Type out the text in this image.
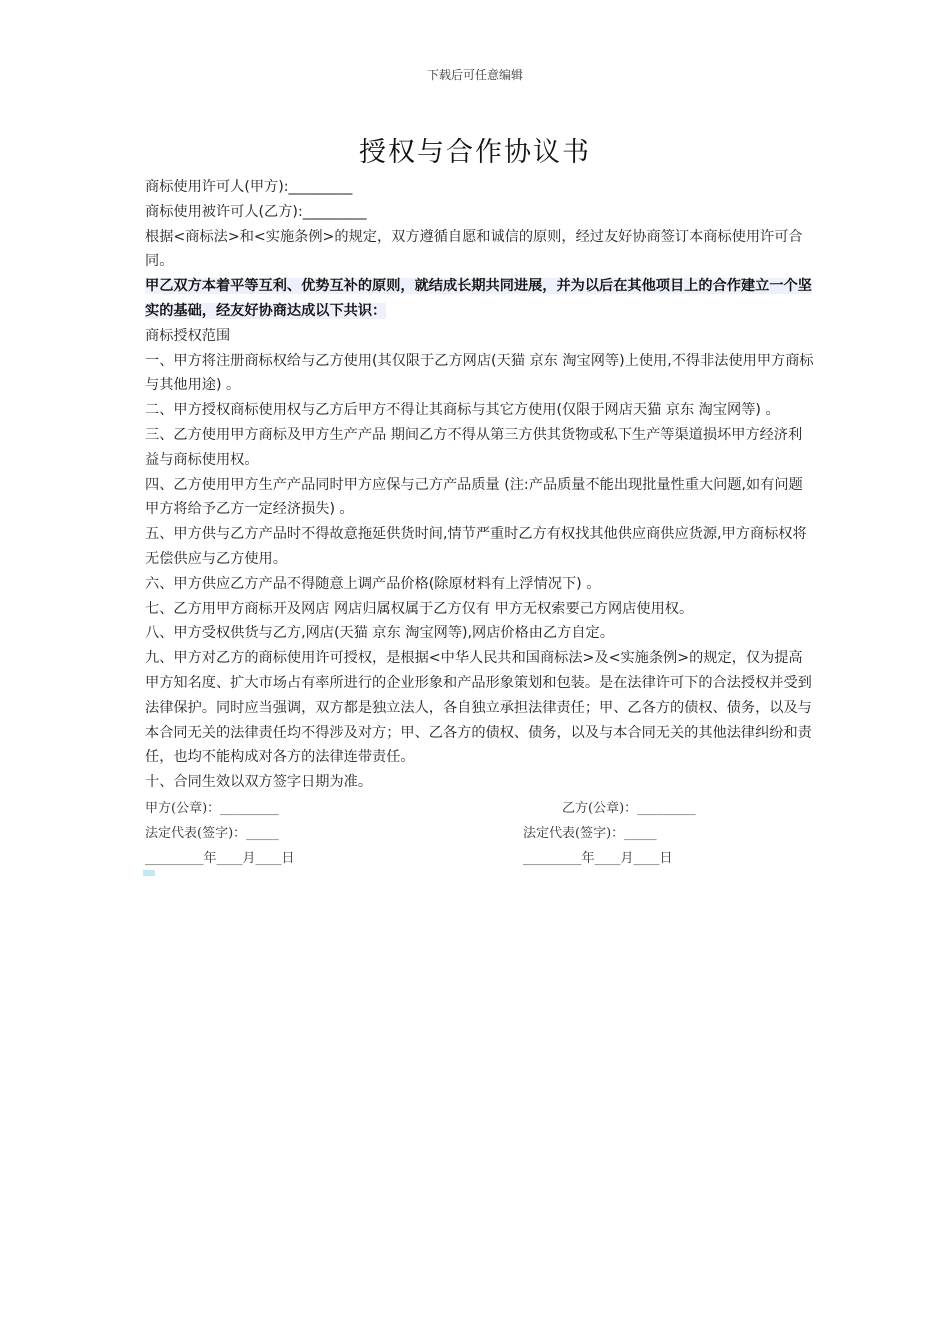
下载后可任意编辑
授权与合作协议书

商标使用许可人(甲方):_________

商标使用被许可人(乙方):_________

根据<商标法>和<实施条例>的规定，双方遵循自愿和诚信的原则，经过友好协商签订本商标使用许可合同。

甲乙双方本着平等互利、优势互补的原则，就结成长期共同进展，并为以后在其他项目上的合作建立一个坚实的基础，经友好协商达成以下共识：

商标授权范围

一、甲方将注册商标权给与乙方使用(其仅限于乙方网店(天猫 京东 淘宝网等)上使用,不得非法使用甲方商标与其他用途) 。

二、甲方授权商标使用权与乙方后甲方不得让其商标与其它方使用(仅限于网店天猫 京东 淘宝网等) 。

三、乙方使用甲方商标及甲方生产产品 期间乙方不得从第三方供其货物或私下生产等渠道损坏甲方经济利益与商标使用权。

四、乙方使用甲方生产产品同时甲方应保与己方产品质量 (注:产品质量不能出现批量性重大问题,如有问题甲方将给予乙方一定经济损失) 。

五、甲方供与乙方产品时不得故意拖延供货时间,情节严重时乙方有权找其他供应商供应货源,甲方商标权将无偿供应与乙方使用。

六、甲方供应乙方产品不得随意上调产品价格(除原材料有上浮情况下) 。

七、乙方用甲方商标开及网店 网店归属权属于乙方仅有 甲方无权索要己方网店使用权。

八、甲方受权供货与乙方,网店(天猫 京东 淘宝网等),网店价格由乙方自定。

九、甲方对乙方的商标使用许可授权，是根据<中华人民共和国商标法>及<实施条例>的规定，仅为提高甲方知名度、扩大市场占有率所进行的企业形象和产品形象策划和包装。是在法律许可下的合法授权并受到法律保护。同时应当强调，双方都是独立法人，各自独立承担法律责任；甲、乙各方的债权、债务，以及与本合同无关的法律责任均不得涉及对方；甲、乙各方的债权、债务，以及与本合同无关的其他法律纠纷和责任，也均不能构成对各方的法律连带责任。

十、合同生效以双方签字日期为准。

甲方(公章)：_________
法定代表(签字)：_____
_________年____月____日
乙方(公章)：_________
法定代表(签字)：_____
_________年____月____日
